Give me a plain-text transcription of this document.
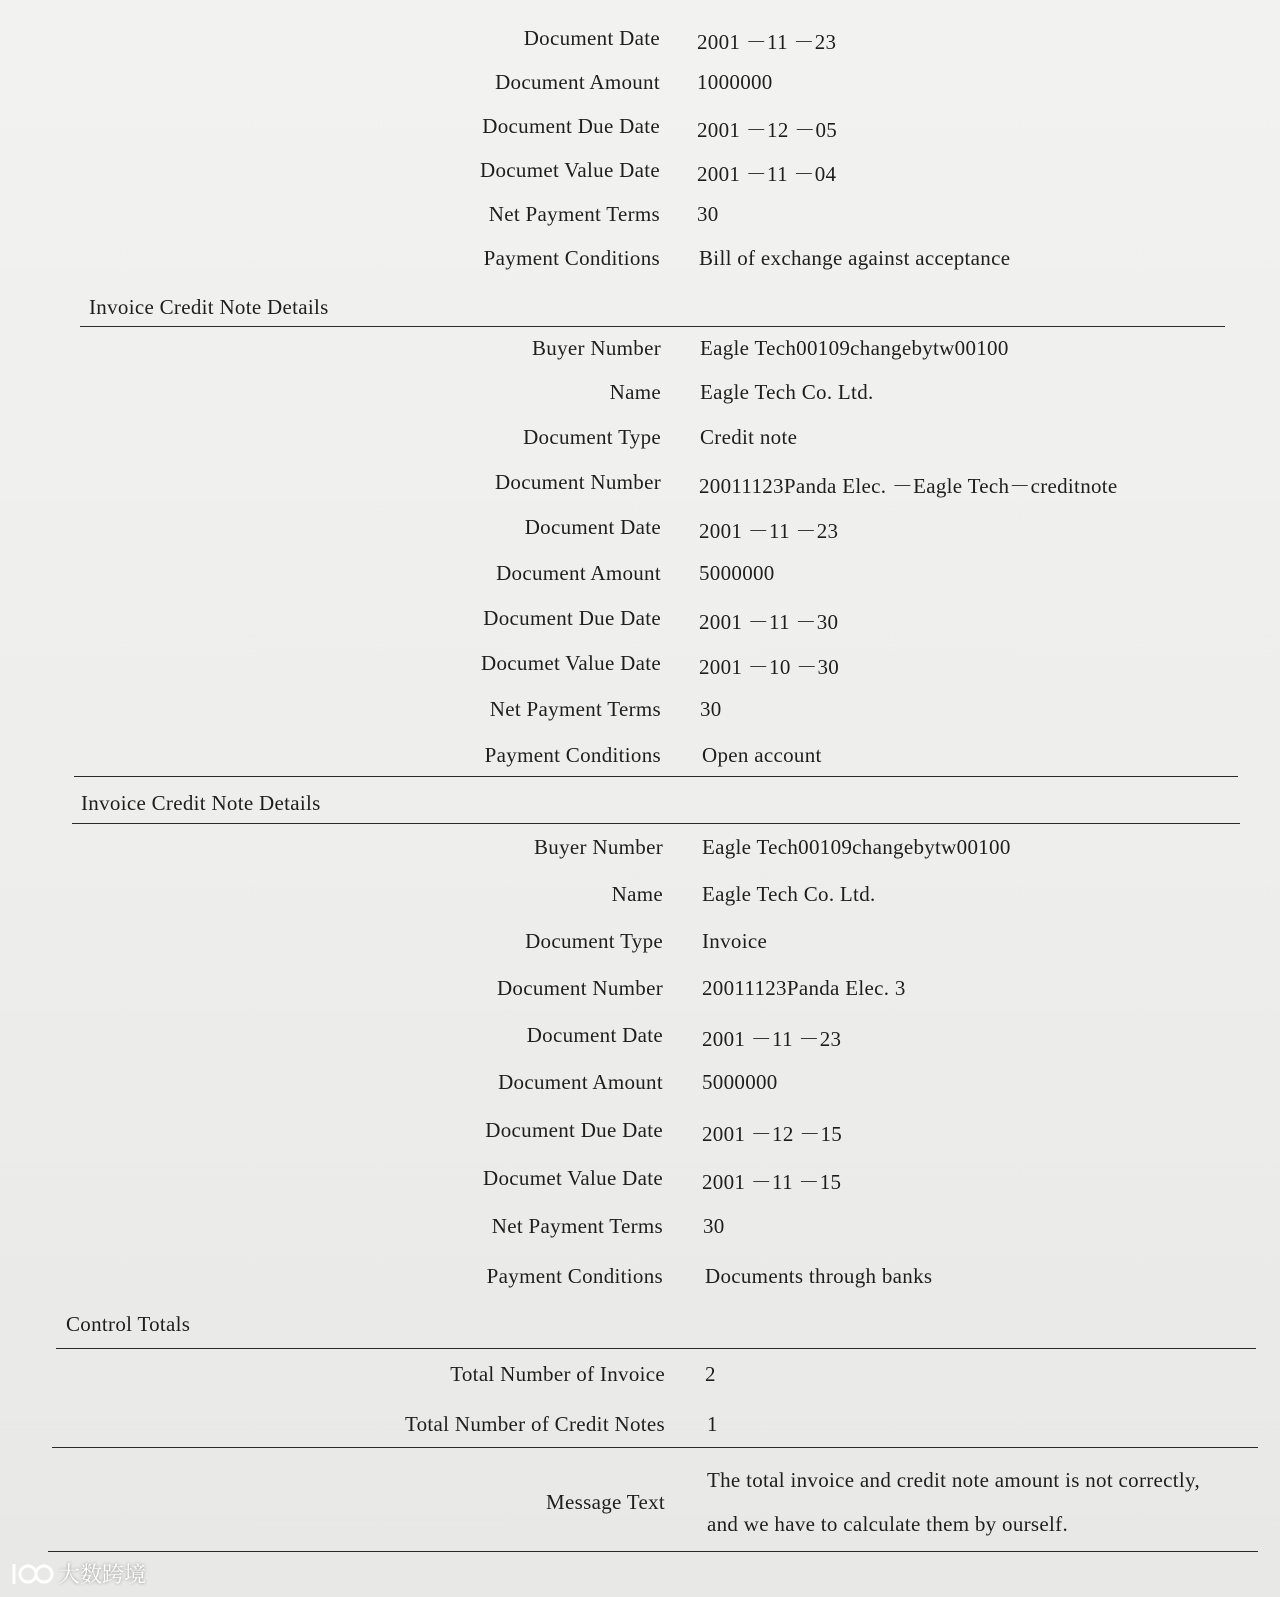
Document Date 2001 －11 －23
Document Amount 1000000
Document Due Date 2001 －12 －05
Documet Value Date 2001 －11 －04
Net Payment Terms 30
Payment Conditions Bill of exchange against acceptance
Invoice Credit Note Details
Buyer Number Eagle Tech00109changebytw00100
Name Eagle Tech Co. Ltd.
Document Type Credit note
Document Number 20011123Panda Elec. －Eagle Tech－creditnote
Document Date 2001 －11 －23
Document Amount 5000000
Document Due Date 2001 －11 －30
Documet Value Date 2001 －10 －30
Net Payment Terms 30
Payment Conditions Open account
Invoice Credit Note Details
Buyer Number Eagle Tech00109changebytw00100
Name Eagle Tech Co. Ltd.
Document Type Invoice
Document Number 20011123Panda Elec. 3
Document Date 2001 －11 －23
Document Amount 5000000
Document Due Date 2001 －12 －15
Documet Value Date 2001 －11 －15
Net Payment Terms 30
Payment Conditions Documents through banks
Control Totals
Total Number of Invoice 2
Total Number of Credit Notes 1
Message Text
The total invoice and credit note amount is not correctly,
and we have to calculate them by ourself.
大数跨境
